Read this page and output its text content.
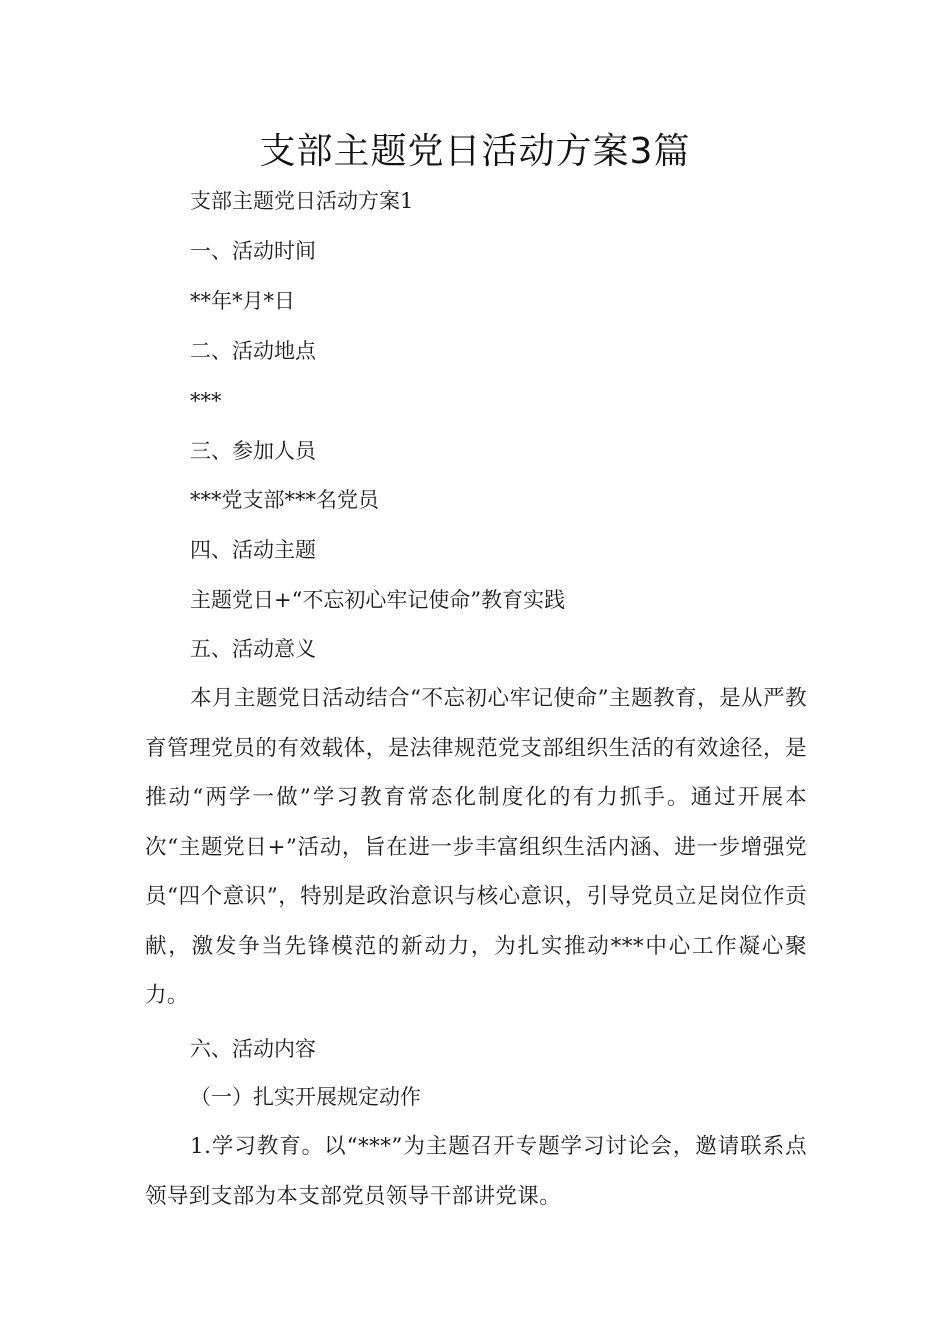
支部主题党日活动方案3篇

支部主题党日活动方案1

一、活动时间

**年*月*日

二、活动地点

***

三、参加人员

***党支部***名党员

四、活动主题

主题党日+“不忘初心牢记使命”教育实践

五、活动意义

本月主题党日活动结合“不忘初心牢记使命”主题教育，是从严教育管理党员的有效载体，是法律规范党支部组织生活的有效途径，是推动“两学一做”学习教育常态化制度化的有力抓手。通过开展本次“主题党日+”活动，旨在进一步丰富组织生活内涵、进一步增强党员“四个意识”，特别是政治意识与核心意识，引导党员立足岗位作贡献，激发争当先锋模范的新动力，为扎实推动***中心工作凝心聚力。

六、活动内容

（一）扎实开展规定动作

1.学习教育。以“***”为主题召开专题学习讨论会，邀请联系点领导到支部为本支部党员领导干部讲党课。
